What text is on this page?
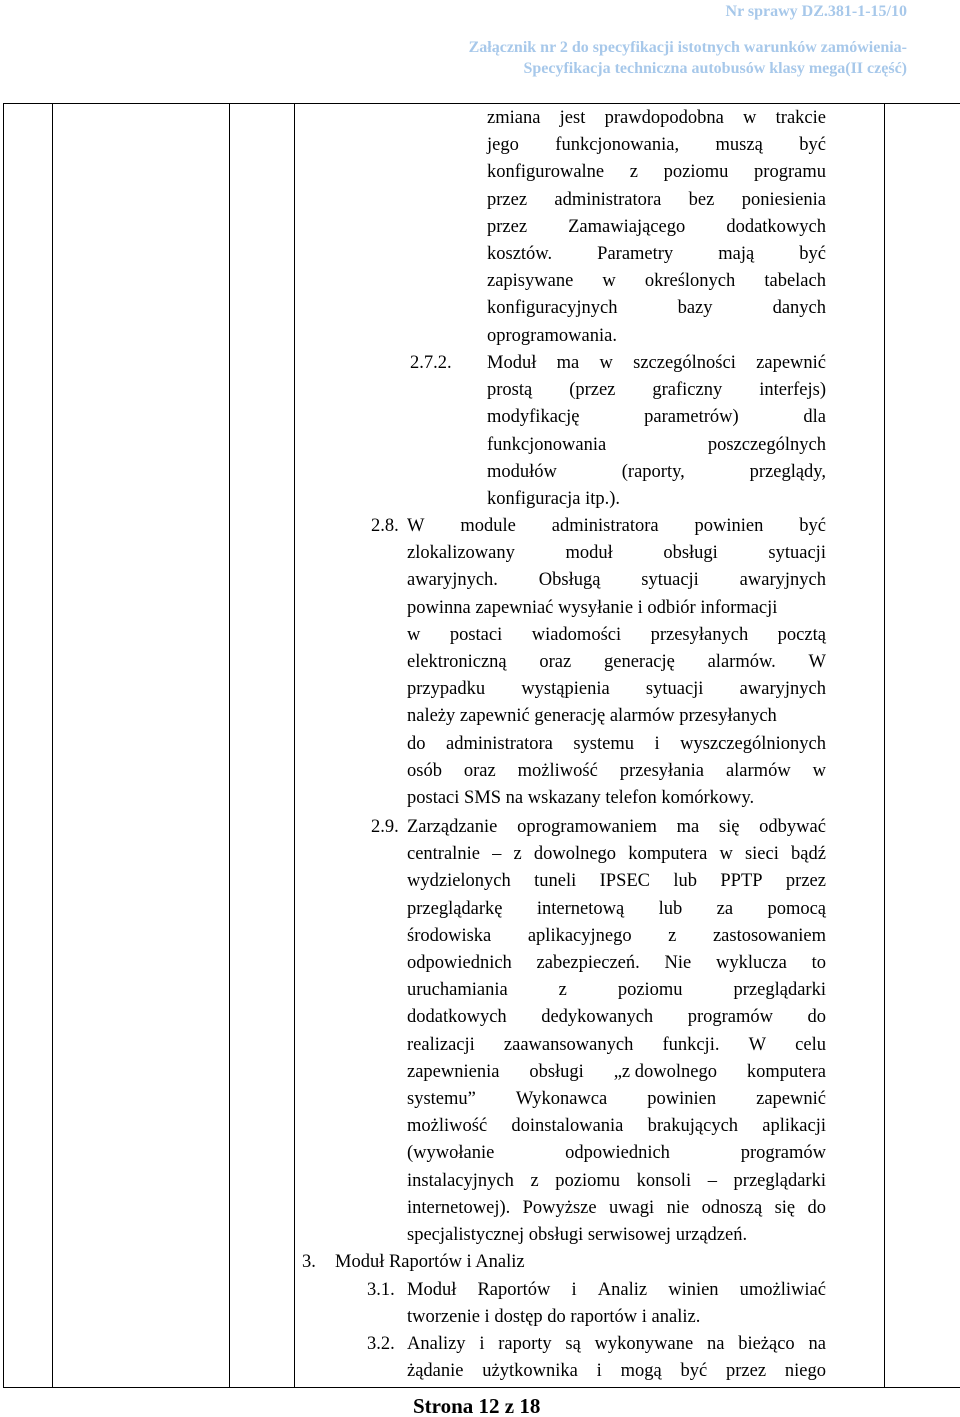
Nr sprawy DZ.381-1-15/10
Załącznik nr 2 do specyfikacji istotnych warunków zamówienia-
Specyfikacja techniczna autobusów klasy mega(II część)
zmiana jest prawdopodobna w trakcie
jego funkcjonowania, muszą być
konfigurowalne z poziomu programu
przez administratora bez poniesienia
przez Zamawiającego dodatkowych
kosztów. Parametry mają być
zapisywane w określonych tabelach
konfiguracyjnych	bazy	danych
oprogramowania.
2.7.2. Moduł ma w szczególności zapewnić
prostą (przez graficzny interfejs)
modyfikację	parametrów)	dla
funkcjonowania	poszczególnych
modułów	(raporty,	przeglądy,
konfiguracja itp.).
2.8. W module administratora powinien być
zlokalizowany	moduł	obsługi	sytuacji
awaryjnych. Obsługą sytuacji awaryjnych
powinna zapewniać wysyłanie i odbiór informacji
w postaci wiadomości przesyłanych pocztą
elektroniczną oraz generację alarmów. W
przypadku wystąpienia sytuacji awaryjnych
należy zapewnić generację alarmów przesyłanych
do administratora systemu i wyszczególnionych
osób oraz możliwość przesyłania alarmów w
postaci SMS na wskazany telefon komórkowy.
2.9. Zarządzanie oprogramowaniem ma się odbywać
centralnie – z dowolnego komputera w sieci bądź
wydzielonych tuneli IPSEC lub PPTP przez
przeglądarkę internetową lub za pomocą
środowiska aplikacyjnego z zastosowaniem
odpowiednich zabezpieczeń. Nie wyklucza to
uruchamiania	z	poziomu	przeglądarki
dodatkowych dedykowanych programów do
realizacji zaawansowanych funkcji. W celu
zapewnienia obsługi „z dowolnego komputera
systemu” Wykonawca powinien zapewnić
możliwość doinstalowania brakujących aplikacji
(wywołanie	odpowiednich	programów
instalacyjnych z poziomu konsoli – przeglądarki
internetowej). Powyższe uwagi nie odnoszą się do
specjalistycznej obsługi serwisowej urządzeń.
3. Moduł Raportów i Analiz
3.1. Moduł Raportów i Analiz winien umożliwiać
tworzenie i dostęp do raportów i analiz.
3.2. Analizy i raporty są wykonywane na bieżąco na
żądanie użytkownika i mogą być przez niego
Strona 12 z 18
